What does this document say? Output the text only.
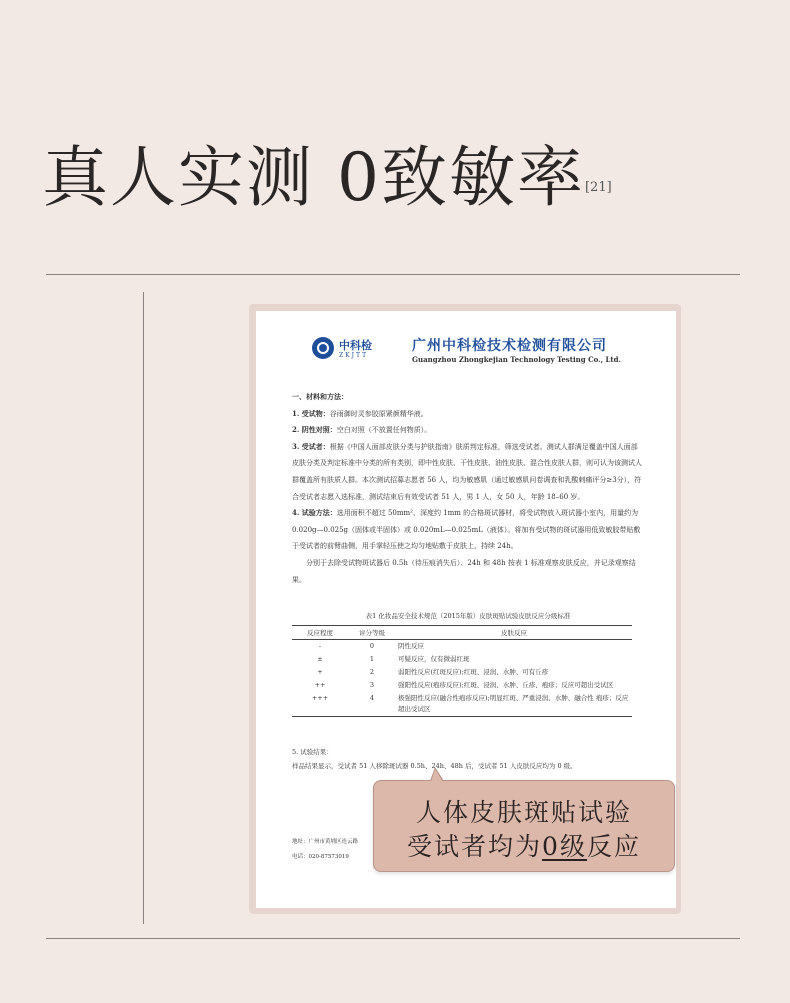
真人实测 0致敏率[21]
中科检
ZKJTT
广州中科检技术检测有限公司
Guangzhou Zhongkejian Technology Testing Co., Ltd.

一、材料和方法：

1. 受试物：谷雨御时灵参胶原紧颜精华液。

2. 阴性对照：空白对照（不放置任何物质）。

3. 受试者：根据《中国人面部皮肤分类与护肤指南》肤质判定标准，筛选受试者。测试人群满足覆盖中国人面部皮肤分类及判定标准中分类的所有类别，即中性皮肤、干性皮肤、油性皮肤、混合性皮肤人群，则可认为该测试人群覆盖所有肤质人群。本次测试招募志愿者 56 人，均为敏感肌（通过敏感肌问卷调查和乳酸刺痛评分≥3分），符合受试者志愿入选标准，测试结束后有效受试者 51 人，男 1 人，女 50 人，年龄 18–60 岁。

4. 试验方法：选用面积不超过 50mm²、深度约 1mm 的合格斑试器材，将受试物放入斑试器小室内，用量约为 0.020g—0.025g（固体或半固体）或 0.020mL—0.025mL（液体）。将加有受试物的斑试器用低致敏胶带贴敷于受试者的前臂曲侧，用手掌轻压使之均匀地贴敷于皮肤上，持续 24h。

分别于去除受试物斑试器后 0.5h（待压痕消失后）、24h 和 48h 按表 1 标准观察皮肤反应，并记录观察结果。

表1 化妆品安全技术规范（2015年版）皮肤斑贴试验皮肤反应分级标准
反应程度	评分等级	皮肤反应
-	0	阴性反应
±	1	可疑反应，仅有微弱红斑
+	2	弱阳性反应(红斑反应);红斑、浸润、水肿、可有丘疹
++	3	强阳性反应(疱疹反应);红斑、浸润、水肿、丘疹、疱疹；反应可超出受试区
+++	4	极强阳性反应(融合性疱疹反应);明显红斑、严重浸润、水肿、融合性 疱疹；反应超出受试区

5. 试验结果：

样品结果显示，受试者 51 人移除斑试器 0.5h、24h、48h 后，受试者 51 人皮肤反应均为 0 级。

地址：广州市黄埔区连云路
电话：020-87573019
人体皮肤斑贴试验
受试者均为0级反应
